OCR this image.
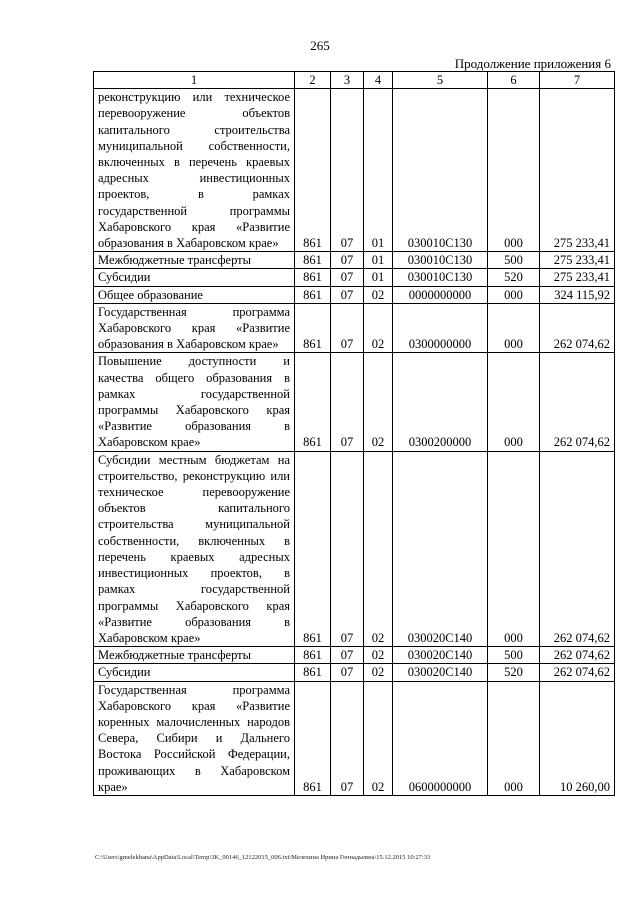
265
Продолжение приложения 6
1	2	3	4	5	6	7
реконструкцию или техническое перевооружение объектов капитального строительства муниципальной собственности, включенных в перечень краевых адресных инвестиционных проектов, в рамках государственной программы Хабаровского края «Развитие образования в Хабаровском крае»	861	07	01	030010С130	000	275 233,41
Межбюджетные трансферты	861	07	01	030010С130	500	275 233,41
Субсидии	861	07	01	030010С130	520	275 233,41
Общее образование	861	07	02	0000000000	000	324 115,92
Государственная программа Хабаровского края «Развитие образования в Хабаровском крае»	861	07	02	0300000000	000	262 074,62
Повышение доступности и качества общего образования в рамках государственной программы Хабаровского края «Развитие образования в Хабаровском крае»	861	07	02	0300200000	000	262 074,62
Субсидии местным бюджетам на строительство, реконструкцию или техническое перевооружение объектов капитального строительства муниципальной собственности, включенных в перечень краевых адресных инвестиционных проектов, в рамках государственной программы Хабаровского края «Развитие образования в Хабаровском крае»	861	07	02	030020С140	000	262 074,62
Межбюджетные трансферты	861	07	02	030020С140	500	262 074,62
Субсидии	861	07	02	030020С140	520	262 074,62
Государственная программа Хабаровского края «Развитие коренных малочисленных народов Севера, Сибири и Дальнего Востока Российской Федерации, проживающих в Хабаровском крае»	861	07	02	0600000000	000	10 260,00
C:\Users\gmelekhana\AppData\Local\Temp\3K_00146_12122015_006.txt\Мелехина Ирина Геннадьевна\15.12.2015 10:27:33
